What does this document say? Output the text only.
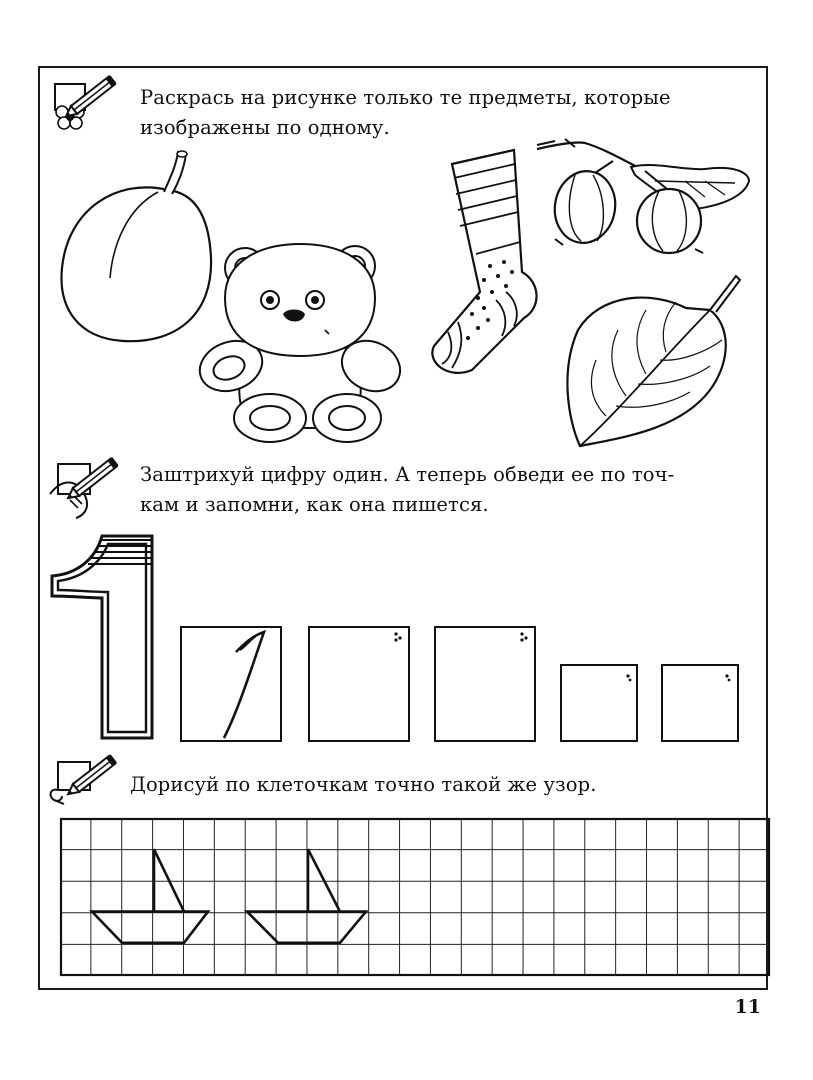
Раскрась на рисунке только те предметы, которые
изображены по одному.
Заштрихуй цифру один. А теперь обведи ее по точ-
кам и запомни, как она пишется.
Дорисуй по клеточкам точно такой же узор.
11
